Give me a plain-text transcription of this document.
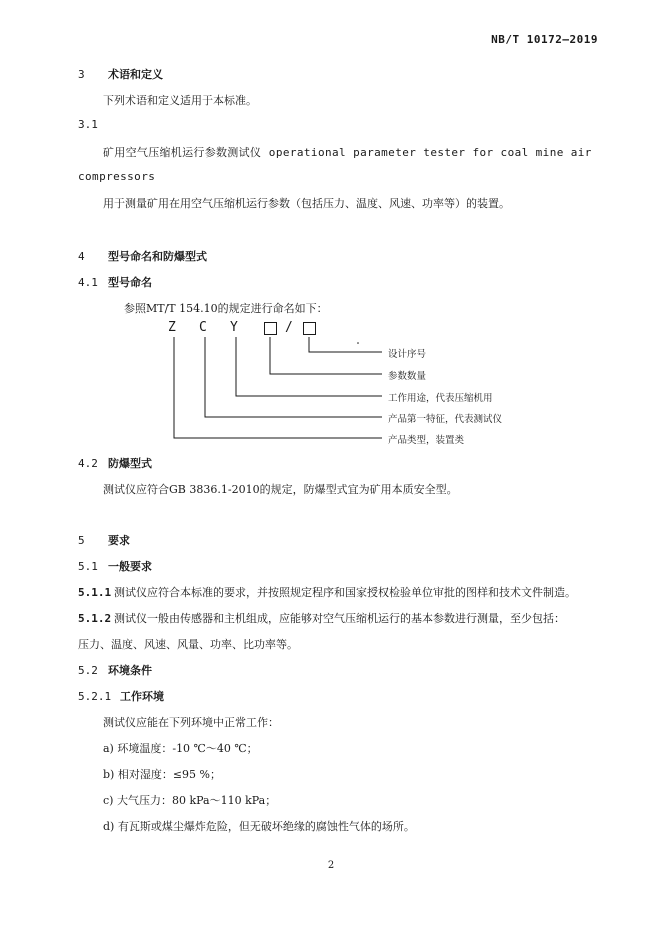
NB/T 10172—2019
3 术语和定义
下列术语和定义适用于本标准。
3.1
矿用空气压缩机运行参数测试仪 operational parameter tester for coal mine air
compressors
用于测量矿用在用空气压缩机运行参数（包括压力、温度、风速、功率等）的装置。
4 型号命名和防爆型式
4.1 型号命名
参照MT/T 154.10的规定进行命名如下：
Z C Y	/
设计序号
参数数量
工作用途，代表压缩机用
产品第一特征，代表测试仪
产品类型，装置类
4.2 防爆型式
测试仪应符合GB 3836.1-2010的规定，防爆型式宜为矿用本质安全型。
5 要求
5.1 一般要求
5.1.1 测试仪应符合本标准的要求，并按照规定程序和国家授权检验单位审批的图样和技术文件制造。
5.1.2 测试仪一般由传感器和主机组成，应能够对空气压缩机运行的基本参数进行测量，至少包括：
压力、温度、风速、风量、功率、比功率等。
5.2 环境条件
5.2.1 工作环境
测试仪应能在下列环境中正常工作：
a) 环境温度：-10 ℃～40 ℃；
b) 相对湿度：≤95 %；
c) 大气压力：80 kPa～110 kPa；
d) 有瓦斯或煤尘爆炸危险，但无破坏绝缘的腐蚀性气体的场所。
2
